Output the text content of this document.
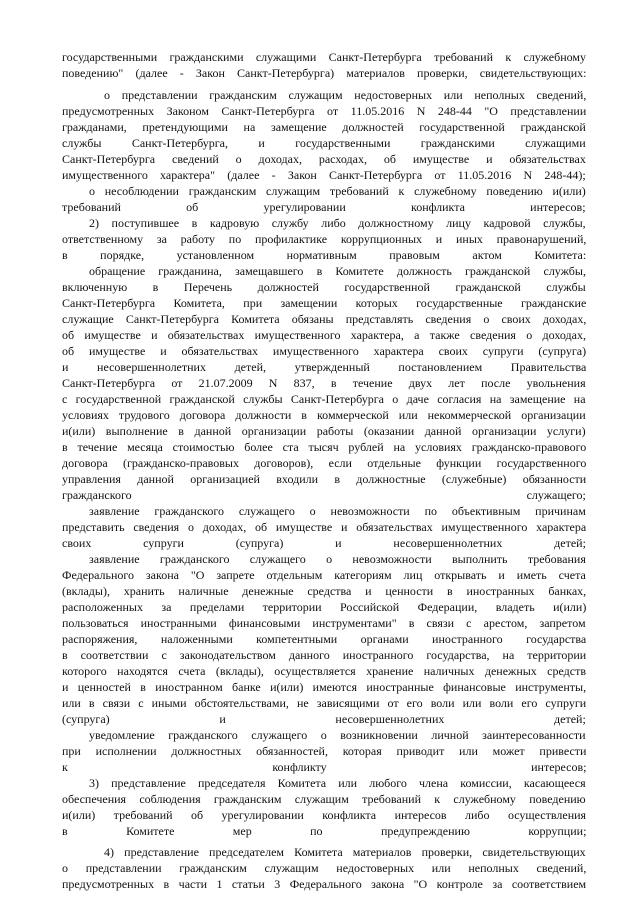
государственными гражданскими служащими Санкт-Петербурга требований к служебному
поведению" (далее - Закон Санкт-Петербурга) материалов проверки, свидетельствующих:
о представлении гражданским служащим недостоверных или неполных сведений,
предусмотренных Законом Санкт-Петербурга от 11.05.2016 N 248-44 "О представлении
гражданами, претендующими на замещение должностей государственной гражданской
службы Санкт-Петербурга, и государственными гражданскими служащими
Санкт-Петербурга сведений о доходах, расходах, об имуществе и обязательствах
имущественного характера" (далее - Закон Санкт-Петербурга от 11.05.2016 N 248-44);
о несоблюдении гражданским служащим требований к служебному поведению и(или)
требований об урегулировании конфликта интересов;
2) поступившее в кадровую службу либо должностному лицу кадровой службы,
ответственному за работу по профилактике коррупционных и иных правонарушений,
в порядке, установленном нормативным правовым актом Комитета:
обращение гражданина, замещавшего в Комитете должность гражданской службы,
включенную в Перечень должностей государственной гражданской службы
Санкт-Петербурга Комитета, при замещении которых государственные гражданские
служащие Санкт-Петербурга Комитета обязаны представлять сведения о своих доходах,
об имуществе и обязательствах имущественного характера, а также сведения о доходах,
об имуществе и обязательствах имущественного характера своих супруги (супруга)
и несовершеннолетних детей, утвержденный постановлением Правительства
Санкт-Петербурга от 21.07.2009 N 837, в течение двух лет после увольнения
с государственной гражданской службы Санкт-Петербурга о даче согласия на замещение на
условиях трудового договора должности в коммерческой или некоммерческой организации
и(или) выполнение в данной организации работы (оказании данной организации услуги)
в течение месяца стоимостью более ста тысяч рублей на условиях гражданско-правового
договора (гражданско-правовых договоров), если отдельные функции государственного
управления данной организацией входили в должностные (служебные) обязанности
гражданского служащего;
заявление гражданского служащего о невозможности по объективным причинам
представить сведения о доходах, об имуществе и обязательствах имущественного характера
своих супруги (супруга) и несовершеннолетних детей;
заявление гражданского служащего о невозможности выполнить требования
Федерального закона "О запрете отдельным категориям лиц открывать и иметь счета
(вклады), хранить наличные денежные средства и ценности в иностранных банках,
расположенных за пределами территории Российской Федерации, владеть и(или)
пользоваться иностранными финансовыми инструментами" в связи с арестом, запретом
распоряжения, наложенными компетентными органами иностранного государства
в соответствии с законодательством данного иностранного государства, на территории
которого находятся счета (вклады), осуществляется хранение наличных денежных средств
и ценностей в иностранном банке и(или) имеются иностранные финансовые инструменты,
или в связи с иными обстоятельствами, не зависящими от его воли или воли его супруги
(супруга) и несовершеннолетних детей;
уведомление гражданского служащего о возникновении личной заинтересованности
при исполнении должностных обязанностей, которая приводит или может привести
к конфликту интересов;
3) представление председателя Комитета или любого члена комиссии, касающееся
обеспечения соблюдения гражданским служащим требований к служебному поведению
и(или) требований об урегулировании конфликта интересов либо осуществления
в Комитете мер по предупреждению коррупции;
4) представление председателем Комитета материалов проверки, свидетельствующих
о представлении гражданским служащим недостоверных или неполных сведений,
предусмотренных в части 1 статьи 3 Федерального закона "О контроле за соответствием
